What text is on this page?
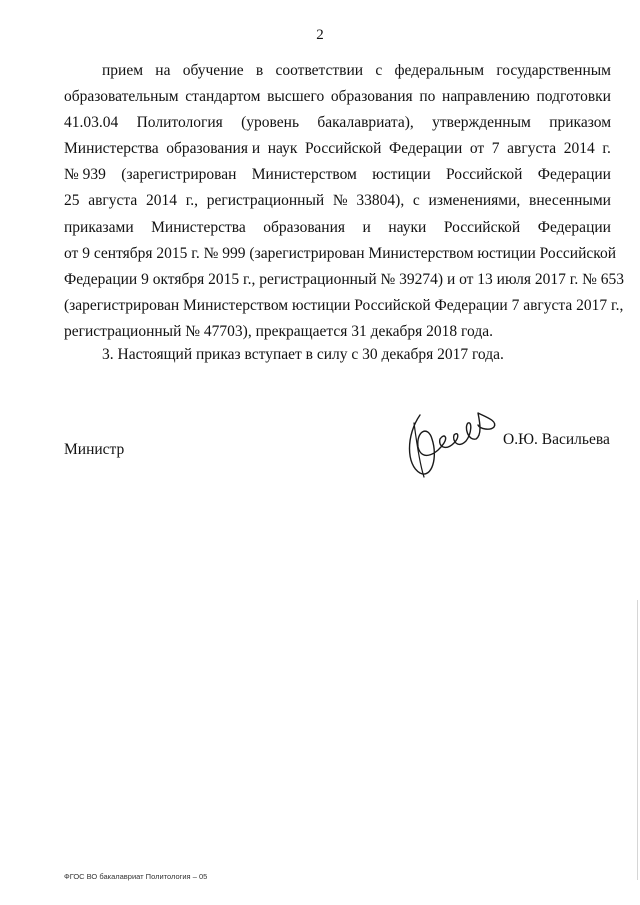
2
прием на обучение в соответствии с федеральным государственным
образовательным стандартом высшего образования по направлению подготовки
41.03.04 Политология (уровень бакалавриата), утвержденным приказом
Министерства образования и наук Российской Федерации от 7 августа 2014 г.
№ 939 (зарегистрирован Министерством юстиции Российской Федерации
25 августа 2014 г., регистрационный № 33804), с изменениями, внесенными
приказами Министерства образования и науки Российской Федерации
от 9 сентября 2015 г. № 999 (зарегистрирован Министерством юстиции Российской
Федерации 9 октября 2015 г., регистрационный № 39274) и от 13 июля 2017 г. № 653
(зарегистрирован Министерством юстиции Российской Федерации 7 августа 2017 г.,
регистрационный № 47703), прекращается 31 декабря 2018 года.
3. Настоящий приказ вступает в силу с 30 декабря 2017 года.
Министр
О.Ю. Васильева
ФГОС ВО бакалавриат Политология – 05
